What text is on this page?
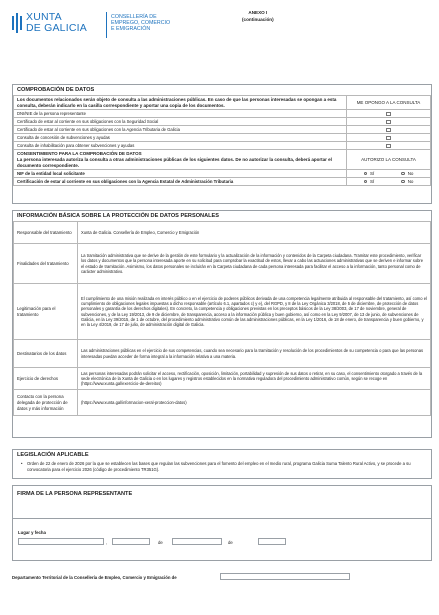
XUNTA
DE GALICIA
CONSELLERÍA DE
EMPREGO, COMERCIO
E EMIGRACIÓN
ANEXO I
(continuación)
COMPROBACIÓN DE DATOS
Los documentos relacionados serán objeto de consulta a las administraciones públicas. En caso de que las personas interesadas se opongan a esta consulta, deberán indicarlo en la casilla correspondiente y aportar una copia de los documentos.	ME OPONGO A LA CONSULTA
DNI/NIE de la persona representante	
Certificado de estar al corriente en sus obligaciones con la Seguridad Social	
Certificado de estar al corriente en sus obligaciones con la Agencia Tributaria de Galicia	
Consulta de concesión de subvenciones y ayudas	
Consulta de inhabilitación para obtener subvenciones y ayudas	

CONSENTIMIENTO PARA LA COMPROBACIÓN DE DATOS
La persona interesada autoriza la consulta a otras administraciones públicas de los siguientes datos. De no autorizar la consulta, deberá aportar el documento correspondiente.	AUTORIZO LA CONSULTA
NIF de la entidad local solicitante	SÍ No

Certificación de estar al corriente en sus obligaciones con la Agencia Estatal de Administración Tributaria	SÍ No
INFORMACIÓN BÁSICA SOBRE LA PROTECCIÓN DE DATOS PERSONALES
Responsable del tratamiento	Xunta de Galicia. Consellería de Empleo, Comercio y Emigración
Finalidades del tratamiento	La tramitación administrativa que se derive de la gestión de este formulario y la actualización de la información y contenidos de la Carpeta ciudadana. Tramitar este procedimiento, verificar los datos y documentos que la persona interesada aporte en su solicitud para comprobar la exactitud de estos, llevar a cabo las actuaciones administrativas que se deriven e informar sobre el estado de tramitación. Asimismo, los datos personales se incluirán en la Carpeta ciudadana de cada persona interesada para facilitar el acceso a la información, tanto personal como de carácter administrativo.
Legitimación para el tratamiento	El cumplimiento de una misión realizada en interés público o en el ejercicio de poderes públicos derivada de una competencia legalmente atribuida al responsable del tratamiento, así como el cumplimiento de obligaciones legales impuestas a dicho responsable (artículo 6.1, apartados c) y e), del RGPD, y 8 de la Ley Orgánica 3/2018, de 5 de diciembre, de protección de datos personales y garantía de los derechos digitales). En concreto, la competencia y obligaciones previstas en los preceptos básicos de la Ley 38/2003, de 17 de noviembre, general de subvenciones, y de la Ley 19/2013, de 9 de diciembre, de transparencia, acceso a la información pública y buen gobierno, así como en la Ley 9/2007, de 13 de junio, de subvenciones de Galicia, en la Ley 39/2015, de 1 de octubre, del procedimiento administrativo común de las administraciones públicas, en la Ley 1/2016, de 18 de enero, de transparencia y buen gobierno, y en la Ley 4/2019, de 17 de julio, de administración digital de Galicia.
Destinatarios de los datos	Las administraciones públicas en el ejercicio de sus competencias, cuando sea necesario para la tramitación y resolución de los procedimientos de su competencia o para que las personas interesadas puedan acceder de forma integral a la información relativa a una materia.
Ejercicio de derechos	Las personas interesadas podrán solicitar el acceso, rectificación, oposición, limitación, portabilidad y supresión de sus datos o retirar, en su caso, el consentimiento otorgado a través de la sede electrónica de la Xunta de Galicia o en los lugares y registros establecidos en la normativa reguladora del procedimiento administrativo común, según se recoge en (https://www.xunta.gal/exercicio-de-dereitos)
Contacto con la persona delegada de protección de datos y más información	(https://www.xunta.gal/informacion-xeral-proteccion-datos)
LEGISLACIÓN APLICABLE
• Orden de 22 de enero de 2026 por la que se establecen las bases que regulan las subvenciones para el fomento del empleo en el medio rural, programa Galicia Suma Talento Rural Activo, y se procede a su convocatoria para el ejercicio 2026 (código de procedimiento TR351G).
FIRMA DE LA PERSONA REPRESENTANTE
Lugar y fecha
,	de	de
Departamento Territorial de la Consellería de Empleo, Comercio y Emigración de
